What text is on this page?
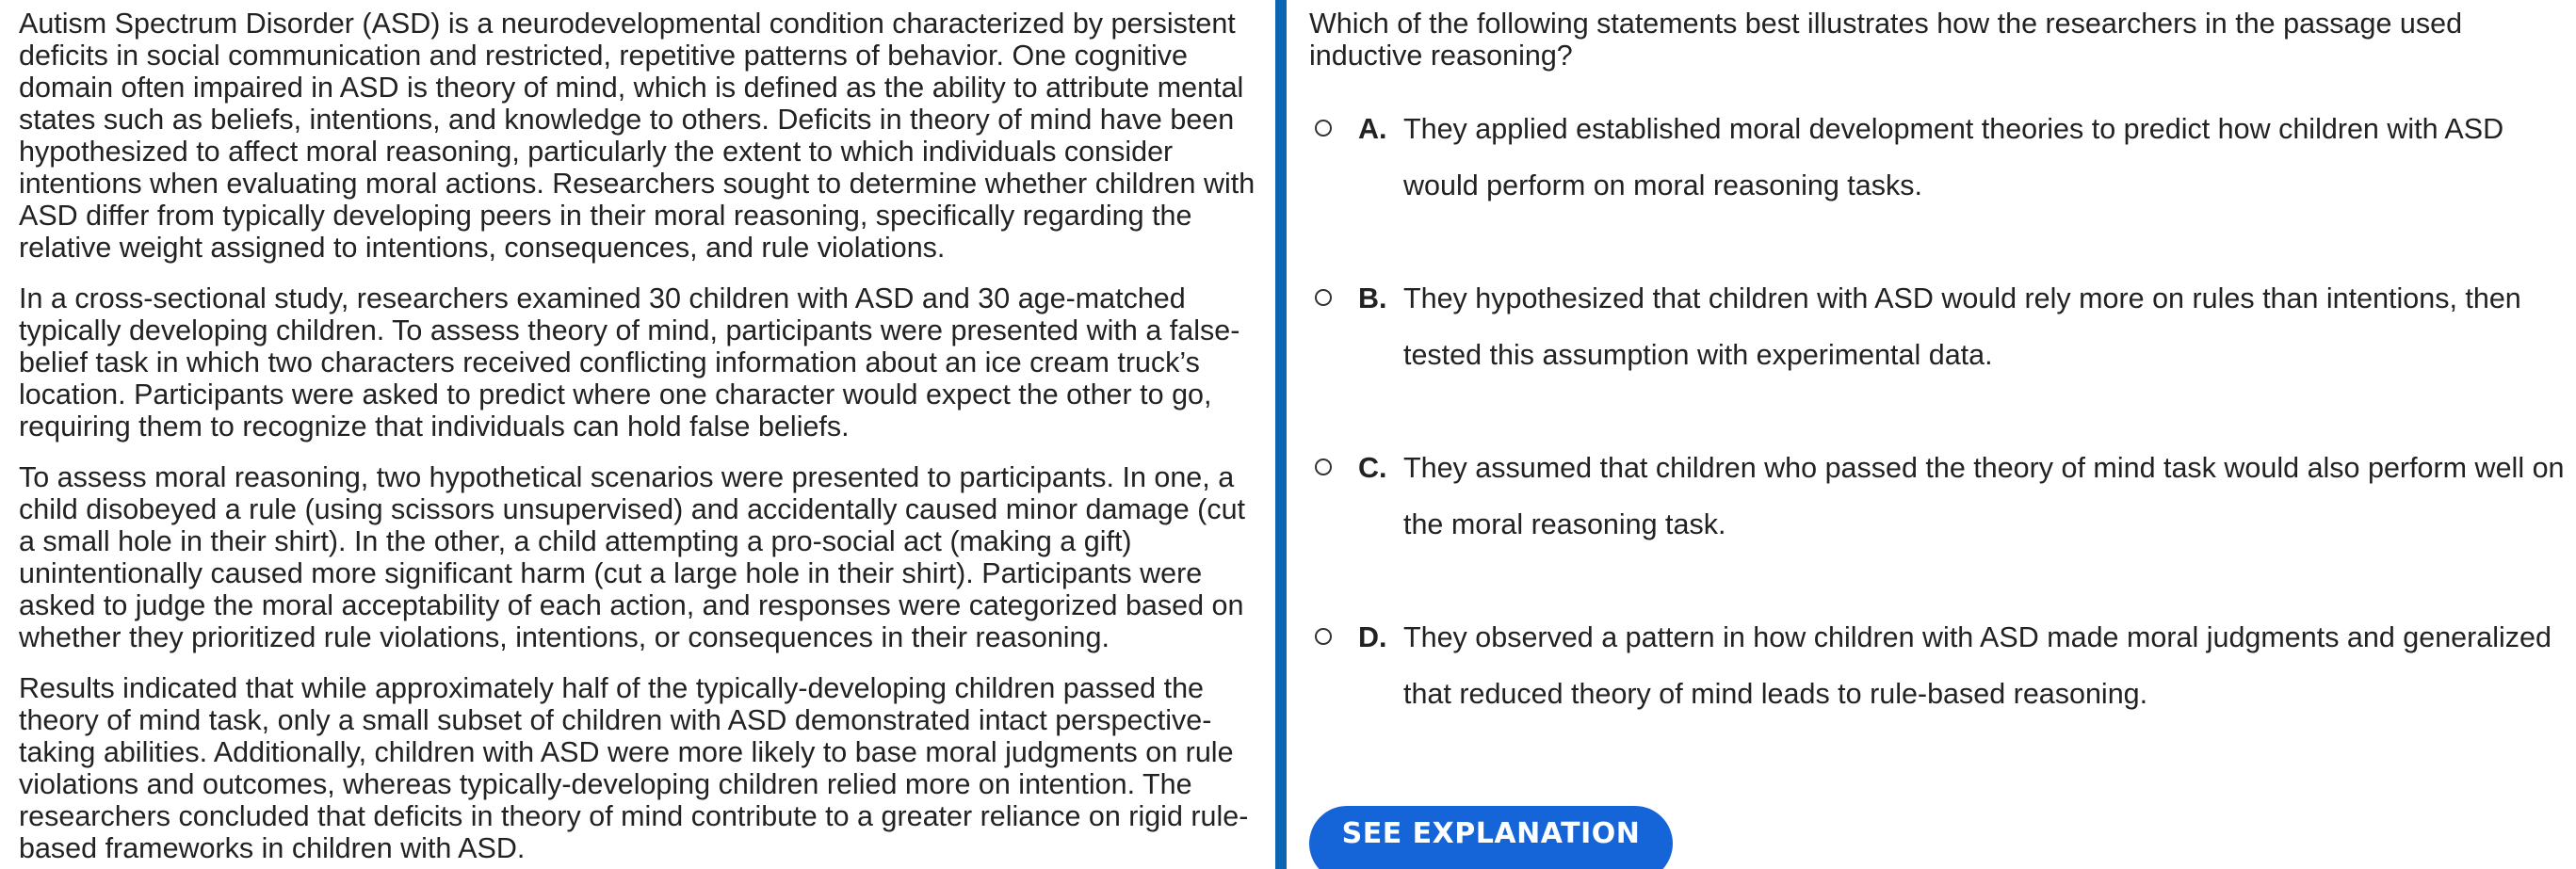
Autism Spectrum Disorder (ASD) is a neurodevelopmental condition characterized by persistent deficits in social communication and restricted, repetitive patterns of behavior. One cognitive domain often impaired in ASD is theory of mind, which is defined as the ability to attribute mental states such as beliefs, intentions, and knowledge to others. Deficits in theory of mind have been hypothesized to affect moral reasoning, particularly the extent to which individuals consider intentions when evaluating moral actions. Researchers sought to determine whether children with ASD differ from typically developing peers in their moral reasoning, specifically regarding the relative weight assigned to intentions, consequences, and rule violations.

In a cross-sectional study, researchers examined 30 children with ASD and 30 age-matched typically developing children. To assess theory of mind, participants were presented with a false-belief task in which two characters received conflicting information about an ice cream truck’s location. Participants were asked to predict where one character would expect the other to go, requiring them to recognize that individuals can hold false beliefs.

To assess moral reasoning, two hypothetical scenarios were presented to participants. In one, a child disobeyed a rule (using scissors unsupervised) and accidentally caused minor damage (cut a small hole in their shirt). In the other, a child attempting a pro-social act (making a gift) unintentionally caused more significant harm (cut a large hole in their shirt). Participants were asked to judge the moral acceptability of each action, and responses were categorized based on whether they prioritized rule violations, intentions, or consequences in their reasoning.

Results indicated that while approximately half of the typically-developing children passed the theory of mind task, only a small subset of children with ASD demonstrated intact perspective-taking abilities. Additionally, children with ASD were more likely to base moral judgments on rule violations and outcomes, whereas typically-developing children relied more on intention. The researchers concluded that deficits in theory of mind contribute to a greater reliance on rigid rule-based frameworks in children with ASD.

Which of the following statements best illustrates how the researchers in the passage used inductive reasoning?

A. They applied established moral development theories to predict how children with ASD would perform on moral reasoning tasks.
B. They hypothesized that children with ASD would rely more on rules than intentions, then tested this assumption with experimental data.
C. They assumed that children who passed the theory of mind task would also perform well on the moral reasoning task.
D. They observed a pattern in how children with ASD made moral judgments and generalized that reduced theory of mind leads to rule-based reasoning.
SEE EXPLANATION
